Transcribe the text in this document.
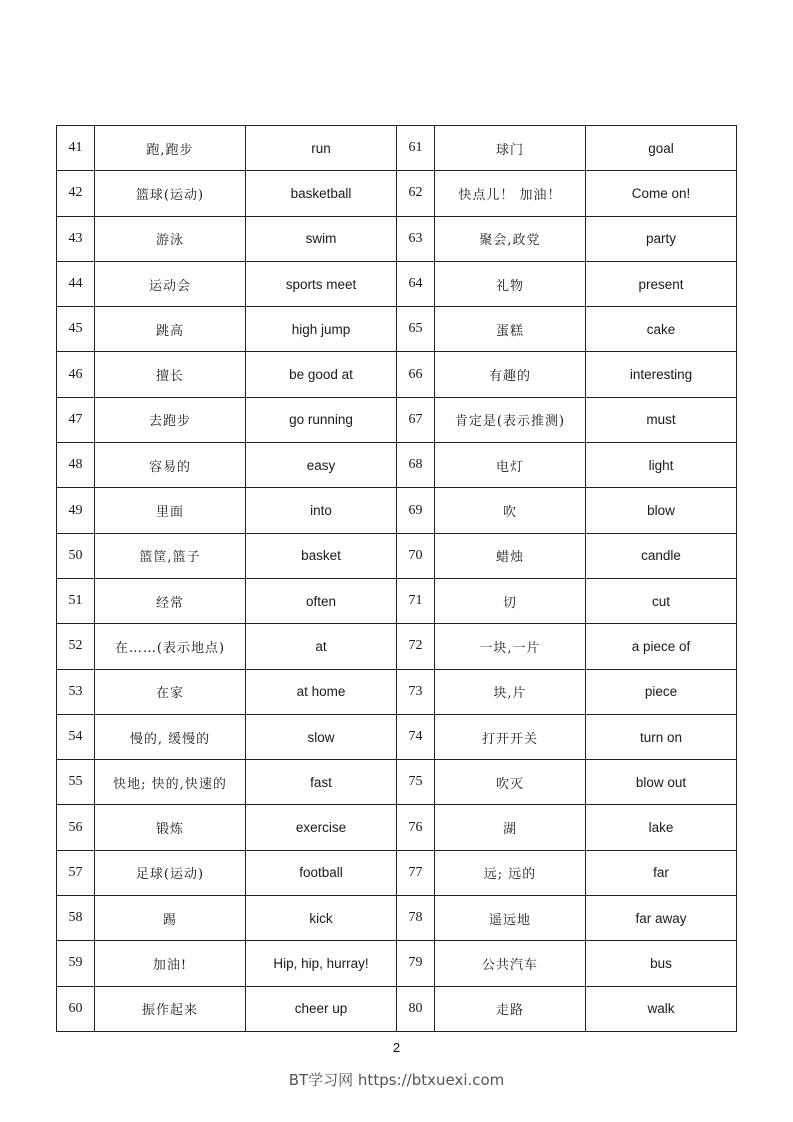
41	跑,跑步	run	61	球门	goal
42	篮球(运动)	basketball	62	快点儿！ 加油！	Come on!
43	游泳	swim	63	聚会,政党	party
44	运动会	sports meet	64	礼物	present
45	跳高	high jump	65	蛋糕	cake
46	擅长	be good at	66	有趣的	interesting
47	去跑步	go running	67	肯定是(表示推测)	must
48	容易的	easy	68	电灯	light
49	里面	into	69	吹	blow
50	篮筐,篮子	basket	70	蜡烛	candle
51	经常	often	71	切	cut
52	在……(表示地点)	at	72	一块,一片	a piece of
53	在家	at home	73	块,片	piece
54	慢的, 缓慢的	slow	74	打开开关	turn on
55	快地; 快的,快速的	fast	75	吹灭	blow out
56	锻炼	exercise	76	湖	lake
57	足球(运动)	football	77	远; 远的	far
58	踢	kick	78	遥远地	far away
59	加油!	Hip, hip, hurray!	79	公共汽车	bus
60	振作起来	cheer up	80	走路	walk
2
BT学习网 https://btxuexi.com
